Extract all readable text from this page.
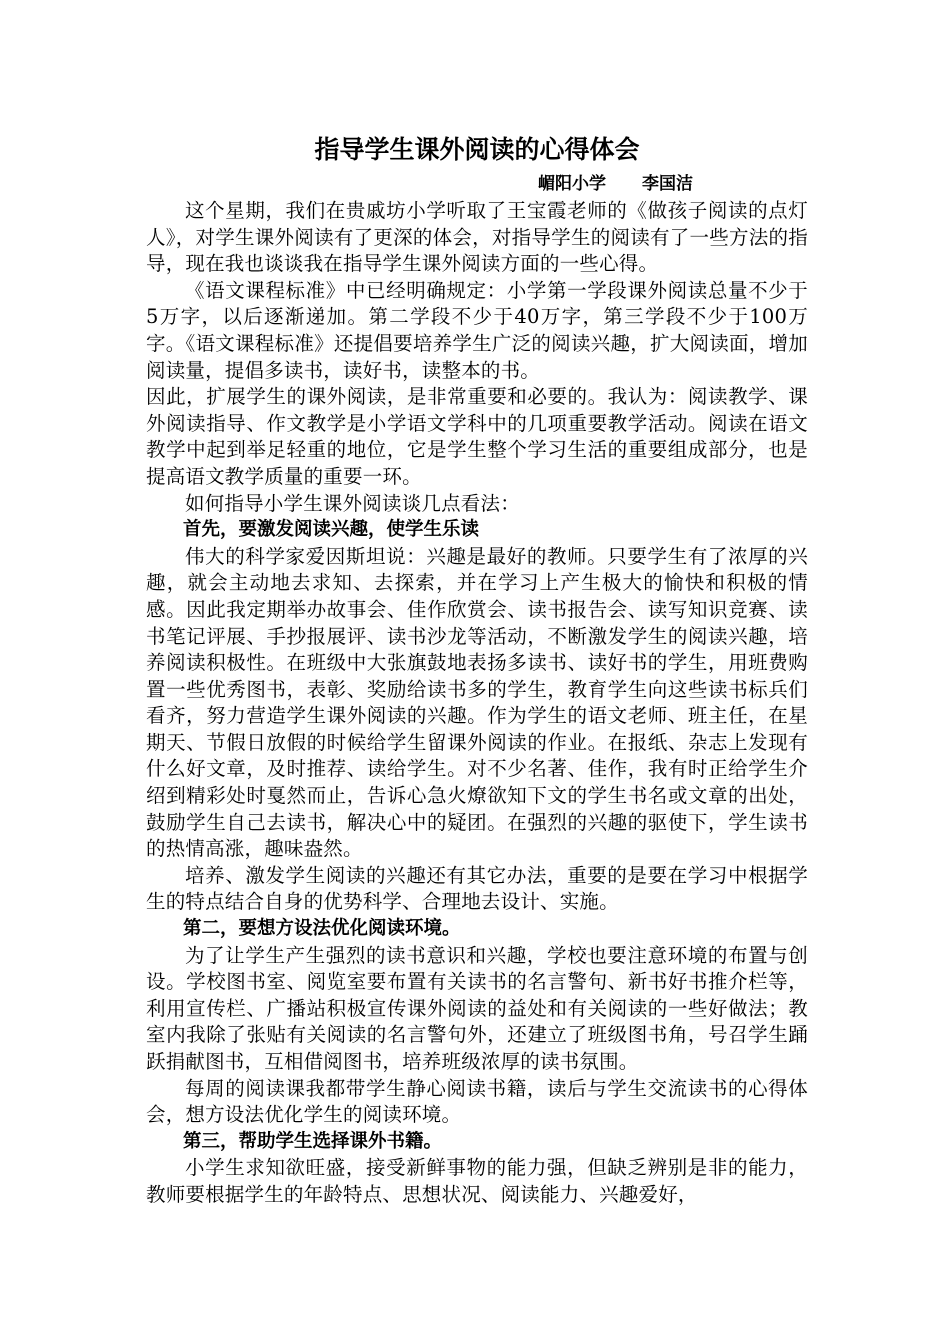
指导学生课外阅读的心得体会
嵋阳小学 李国洁

这个星期，我们在贵戚坊小学听取了王宝霞老师的《做孩子阅读的点灯人》，对学生课外阅读有了更深的体会，对指导学生的阅读有了一些方法的指导，现在我也谈谈我在指导学生课外阅读方面的一些心得。

《语文课程标准》中已经明确规定：小学第一学段课外阅读总量不少于5万字，以后逐渐递加。第二学段不少于40万字，第三学段不少于100万字。《语文课程标准》还提倡要培养学生广泛的阅读兴趣，扩大阅读面，增加阅读量，提倡多读书，读好书，读整本的书。

因此，扩展学生的课外阅读，是非常重要和必要的。我认为：阅读教学、课外阅读指导、作文教学是小学语文学科中的几项重要教学活动。阅读在语文教学中起到举足轻重的地位，它是学生整个学习生活的重要组成部分，也是提高语文教学质量的重要一环。

如何指导小学生课外阅读谈几点看法：

首先，要激发阅读兴趣，使学生乐读

伟大的科学家爱因斯坦说：兴趣是最好的教师。只要学生有了浓厚的兴趣，就会主动地去求知、去探索，并在学习上产生极大的愉快和积极的情感。因此我定期举办故事会、佳作欣赏会、读书报告会、读写知识竞赛、读书笔记评展、手抄报展评、读书沙龙等活动，不断激发学生的阅读兴趣，培养阅读积极性。在班级中大张旗鼓地表扬多读书、读好书的学生，用班费购置一些优秀图书，表彰、奖励给读书多的学生，教育学生向这些读书标兵们看齐，努力营造学生课外阅读的兴趣。作为学生的语文老师、班主任，在星期天、节假日放假的时候给学生留课外阅读的作业。在报纸、杂志上发现有什么好文章，及时推荐、读给学生。对不少名著、佳作，我有时正给学生介绍到精彩处时戛然而止，告诉心急火燎欲知下文的学生书名或文章的出处，鼓励学生自己去读书，解决心中的疑团。在强烈的兴趣的驱使下，学生读书的热情高涨，趣味盎然。

培养、激发学生阅读的兴趣还有其它办法，重要的是要在学习中根据学生的特点结合自身的优势科学、合理地去设计、实施。

第二，要想方设法优化阅读环境。

为了让学生产生强烈的读书意识和兴趣，学校也要注意环境的布置与创设。学校图书室、阅览室要布置有关读书的名言警句、新书好书推介栏等，利用宣传栏、广播站积极宣传课外阅读的益处和有关阅读的一些好做法；教室内我除了张贴有关阅读的名言警句外，还建立了班级图书角，号召学生踊跃捐献图书，互相借阅图书，培养班级浓厚的读书氛围。

每周的阅读课我都带学生静心阅读书籍，读后与学生交流读书的心得体会，想方设法优化学生的阅读环境。

第三，帮助学生选择课外书籍。

小学生求知欲旺盛，接受新鲜事物的能力强，但缺乏辨别是非的能力，教师要根据学生的年龄特点、思想状况、阅读能力、兴趣爱好，
